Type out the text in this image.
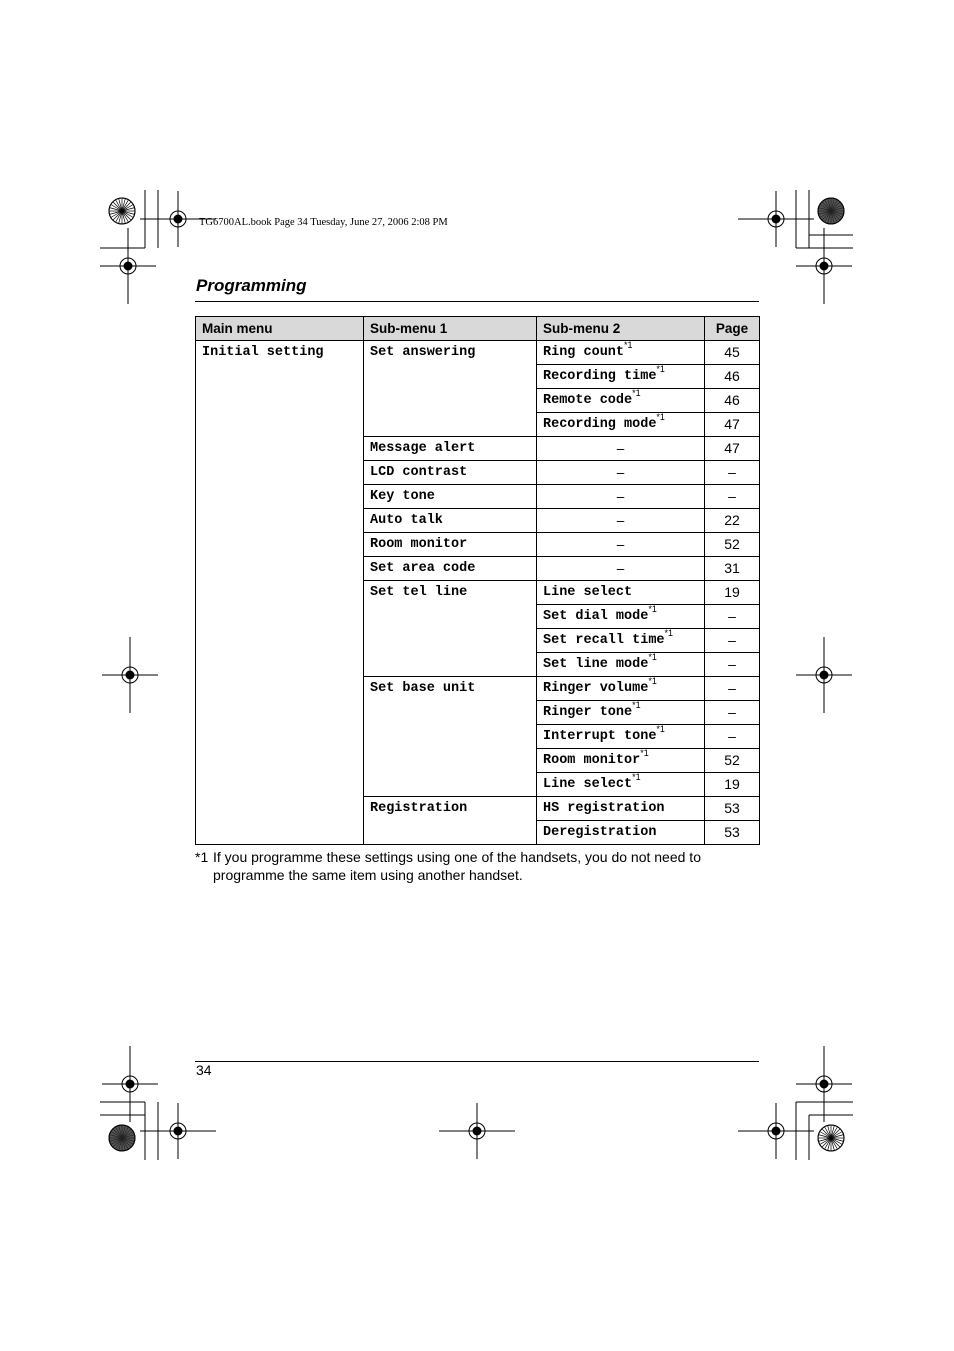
TG6700AL.book Page 34 Tuesday, June 27, 2006 2:08 PM
Programming
Main menu	Sub-menu 1	Sub-menu 2	Page
Initial setting	Set answering	Ring count$^{*1}$	45
		Recording time$^{*1}$	46
		Remote code$^{*1}$	46
		Recording mode$^{*1}$	47
	Message alert	–	47
	LCD contrast	–	–
	Key tone	–	–
	Auto talk	–	22
	Room monitor	–	52
	Set area code	–	31
	Set tel line	Line select	19
		Set dial mode$^{*1}$	–
		Set recall time$^{*1}$	–
		Set line mode$^{*1}$	–
	Set base unit	Ringer volume$^{*1}$	–
		Ringer tone$^{*1}$	–
		Interrupt tone$^{*1}$	–
		Room monitor$^{*1}$	52
		Line select$^{*1}$	19
	Registration	HS registration	53
		Deregistration	53
*1 If you programme these settings using one of the handsets, you do not need to programme the same item using another handset.
34
